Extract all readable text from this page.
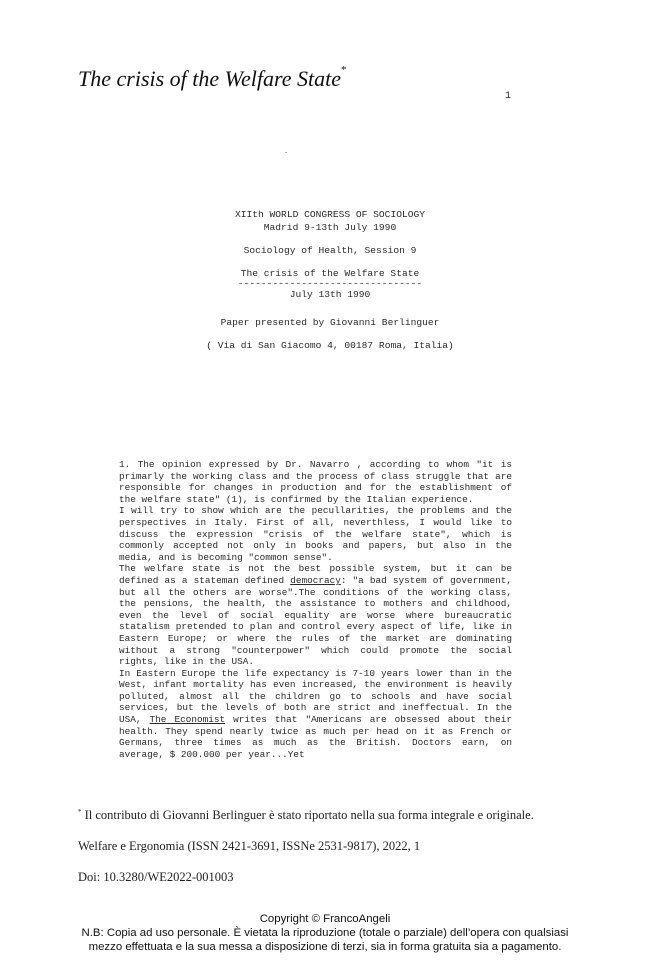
The crisis of the Welfare State*
1
XIIth WORLD CONGRESS OF SOCIOLOGY
Madrid 9-13th July 1990
Sociology of Health, Session 9
The crisis of the Welfare State
--------------------------------
July 13th 1990
Paper presented by Giovanni Berlinguer
( Via di San Giacomo 4, 00187 Roma, Italia)

1. The opinion expressed by Dr. Navarro , according to whom "it is primarly the working class and the process of class struggle that are responsible for changes in production and for the establishment of the welfare state" (1), is confirmed by the Italian experience.

I will try to show which are the pecullarities, the problems and the perspectives in Italy. First of all, neverthless, I would like to discuss the expression "crisis of the welfare state", which is commonly accepted not only in books and papers, but also in the media, and is becoming "common sense".

The welfare state is not the best possible system, but it can be defined as a stateman defined democracy: "a bad system of government, but all the others are worse".The conditions of the working class, the pensions, the health, the assistance to mothers and childhood, even the level of social equality are worse where bureaucratic statalism pretended to plan and control every aspect of life, like in Eastern Europe; or where the rules of the market are dominating without a strong "counterpower" which could promote the social rights, like in the USA.

In Eastern Europe the life expectancy is 7-10 years lower than in the West, infant mortality has even increased, the environment is heavily polluted, almost all the children go to schools and have social services, but the levels of both are strict and ineffectual. In the USA, The Economist writes that "Americans are obsessed about their health. They spend nearly twice as much per head on it as French or Germans, three times as much as the British. Doctors earn, on average, $ 200.000 per year...Yet

* Il contributo di Giovanni Berlinguer è stato riportato nella sua forma integrale e originale.
Welfare e Ergonomia (ISSN 2421-3691, ISSNe 2531-9817), 2022, 1
Doi: 10.3280/WE2022-001003
Copyright © FrancoAngeli
N.B: Copia ad uso personale. È vietata la riproduzione (totale o parziale) dell’opera con qualsiasi
mezzo effettuata e la sua messa a disposizione di terzi, sia in forma gratuita sia a pagamento.
